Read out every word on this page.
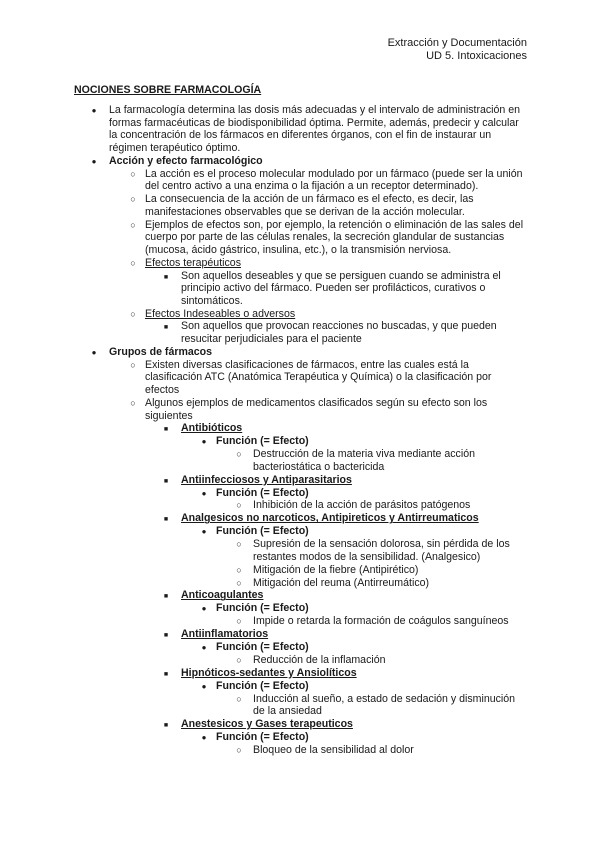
Extracción y Documentación
UD 5. Intoxicaciones
NOCIONES SOBRE FARMACOLOGÍA
●
La farmacología determina las dosis más adecuadas y el intervalo de administración en formas farmacéuticas de biodisponibilidad óptima. Permite, además, predecir y calcular la concentración de los fármacos en diferentes órganos, con el fin de instaurar un régimen terapéutico óptimo.
●
Acción y efecto farmacológico
○
La acción es el proceso molecular modulado por un fármaco (puede ser la unión del centro activo a una enzima o la fijación a un receptor determinado).
○
La consecuencia de la acción de un fármaco es el efecto, es decir, las manifestaciones observables que se derivan de la acción molecular.
○
Ejemplos de efectos son, por ejemplo, la retención o eliminación de las sales del cuerpo por parte de las células renales, la secreción glandular de sustancias (mucosa, ácido gástrico, insulina, etc.), o la transmisión nerviosa.
○
Efectos terapéuticos
■
Son aquellos deseables y que se persiguen cuando se administra el principio activo del fármaco. Pueden ser profilácticos, curativos o sintomáticos.
○
Efectos Indeseables o adversos
■
Son aquellos que provocan reacciones no buscadas, y que pueden resucitar perjudiciales para el paciente
●
Grupos de fármacos
○
Existen diversas clasificaciones de fármacos, entre las cuales está la clasificación ATC (Anatómica Terapéutica y Química) o la clasificación por efectos
○
Algunos ejemplos de medicamentos clasificados según su efecto son los siguientes
■
Antibióticos
●
Función (= Efecto)
○
Destrucción de la materia viva mediante acción bacteriostática o bactericida
■
Antiinfecciosos y Antiparasitarios
●
Función (= Efecto)
○
Inhibición de la acción de parásitos patógenos
■
Analgesicos no narcoticos, Antipireticos y Antirreumaticos
●
Función (= Efecto)
○
Supresión de la sensación dolorosa, sin pérdida de los restantes modos de la sensibilidad. (Analgesico)
○
Mitigación de la fiebre (Antipirético)
○
Mitigación del reuma (Antirreumático)
■
Anticoagulantes
●
Función (= Efecto)
○
Impide o retarda la formación de coágulos sanguíneos
■
Antiinflamatorios
●
Función (= Efecto)
○
Reducción de la inflamación
■
Hipnóticos-sedantes y Ansiolíticos
●
Función (= Efecto)
○
Inducción al sueño, a estado de sedación y disminución de la ansiedad
■
Anestesicos y Gases terapeuticos
●
Función (= Efecto)
○
Bloqueo de la sensibilidad al dolor
